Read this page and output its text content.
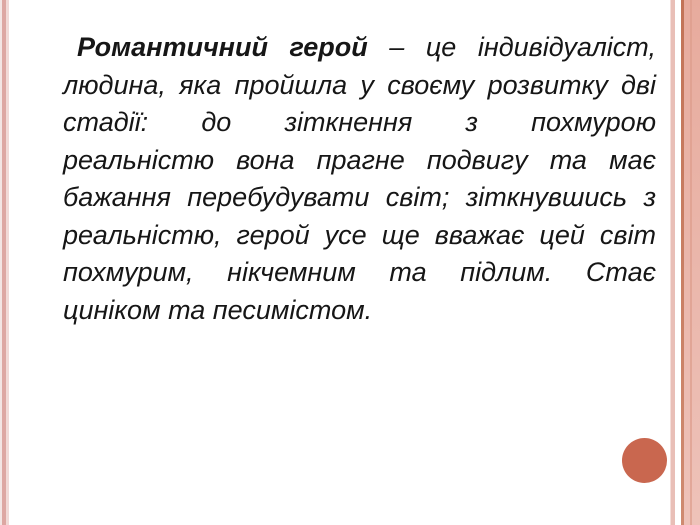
Романтичний герой – це індивідуаліст,

людина, яка пройшла у своєму розвитку дві

стадії: до зіткнення з похмурою

реальністю вона прагне подвигу та має

бажання перебудувати світ; зіткнувшись з

реальністю, герой усе ще вважає цей світ

похмурим, нікчемним та підлим. Стає

циніком та песимістом.
